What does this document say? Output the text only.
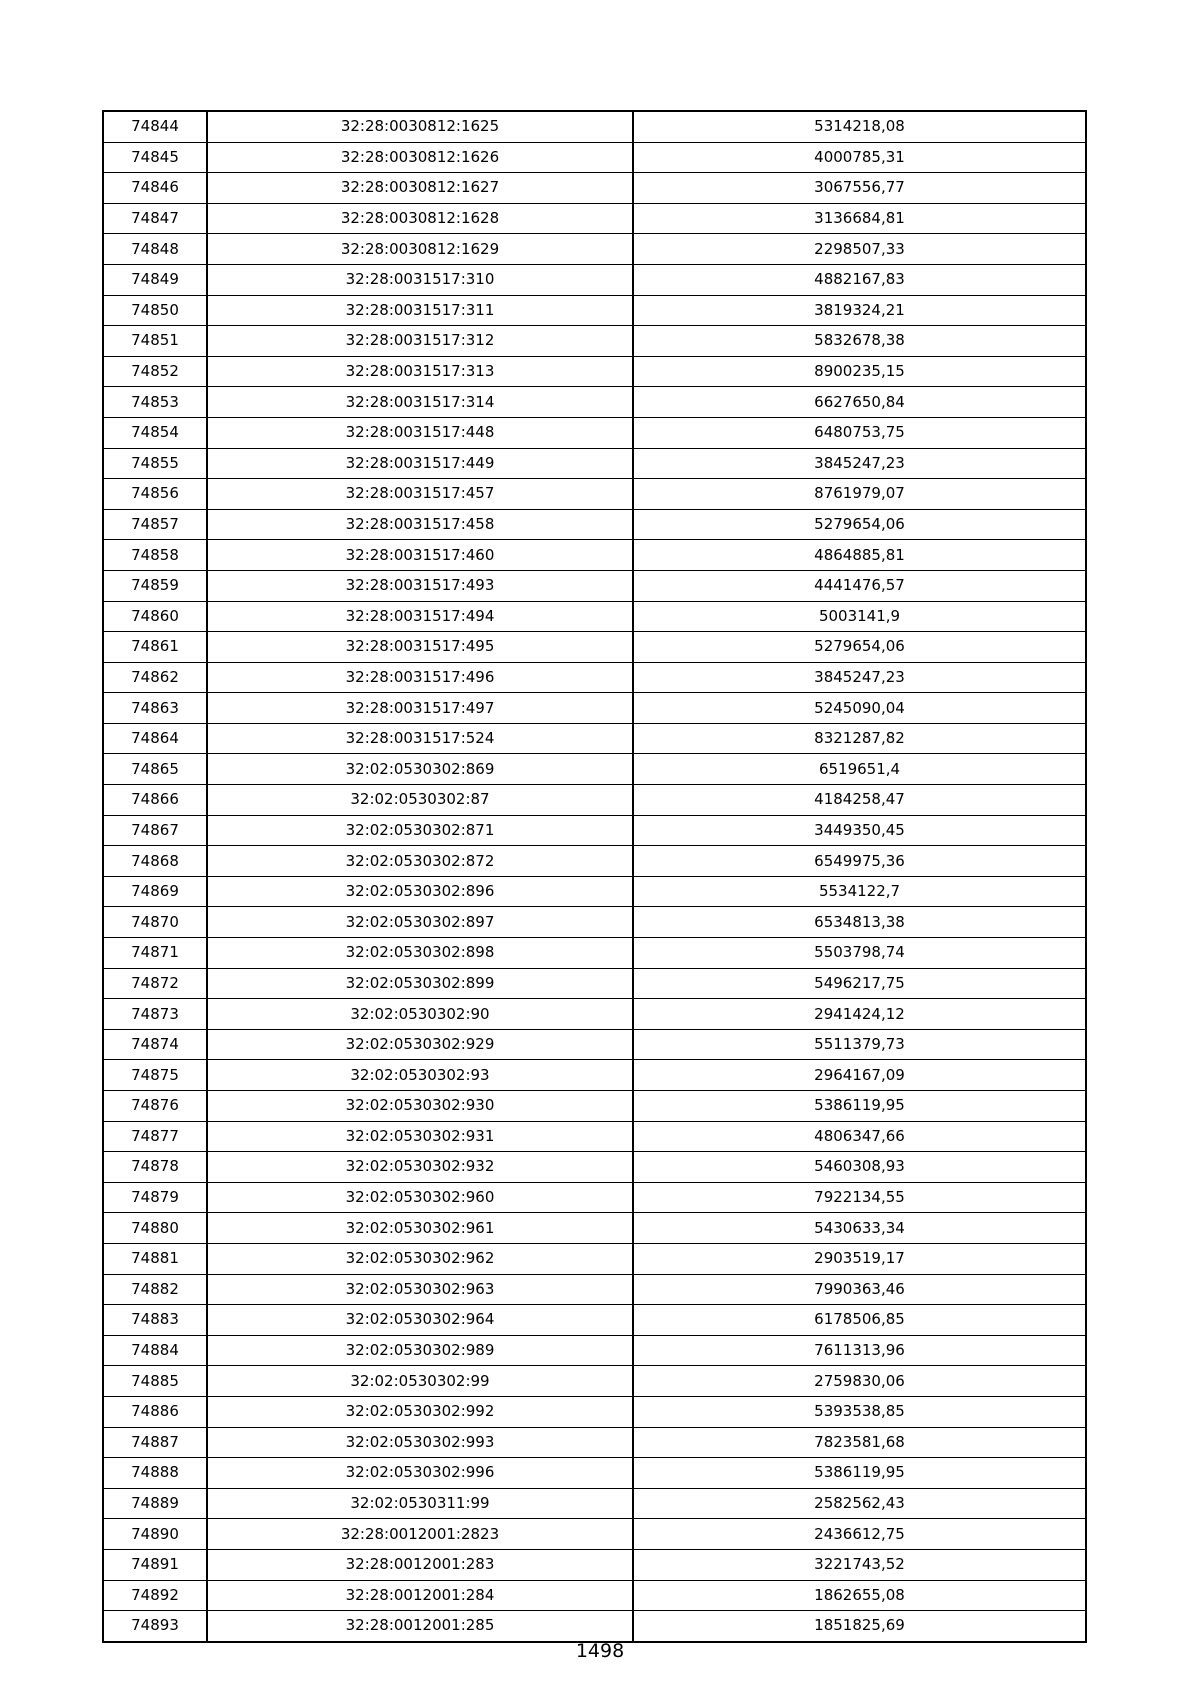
74844	32:28:0030812:1625	5314218,08
74845	32:28:0030812:1626	4000785,31
74846	32:28:0030812:1627	3067556,77
74847	32:28:0030812:1628	3136684,81
74848	32:28:0030812:1629	2298507,33
74849	32:28:0031517:310	4882167,83
74850	32:28:0031517:311	3819324,21
74851	32:28:0031517:312	5832678,38
74852	32:28:0031517:313	8900235,15
74853	32:28:0031517:314	6627650,84
74854	32:28:0031517:448	6480753,75
74855	32:28:0031517:449	3845247,23
74856	32:28:0031517:457	8761979,07
74857	32:28:0031517:458	5279654,06
74858	32:28:0031517:460	4864885,81
74859	32:28:0031517:493	4441476,57
74860	32:28:0031517:494	5003141,9
74861	32:28:0031517:495	5279654,06
74862	32:28:0031517:496	3845247,23
74863	32:28:0031517:497	5245090,04
74864	32:28:0031517:524	8321287,82
74865	32:02:0530302:869	6519651,4
74866	32:02:0530302:87	4184258,47
74867	32:02:0530302:871	3449350,45
74868	32:02:0530302:872	6549975,36
74869	32:02:0530302:896	5534122,7
74870	32:02:0530302:897	6534813,38
74871	32:02:0530302:898	5503798,74
74872	32:02:0530302:899	5496217,75
74873	32:02:0530302:90	2941424,12
74874	32:02:0530302:929	5511379,73
74875	32:02:0530302:93	2964167,09
74876	32:02:0530302:930	5386119,95
74877	32:02:0530302:931	4806347,66
74878	32:02:0530302:932	5460308,93
74879	32:02:0530302:960	7922134,55
74880	32:02:0530302:961	5430633,34
74881	32:02:0530302:962	2903519,17
74882	32:02:0530302:963	7990363,46
74883	32:02:0530302:964	6178506,85
74884	32:02:0530302:989	7611313,96
74885	32:02:0530302:99	2759830,06
74886	32:02:0530302:992	5393538,85
74887	32:02:0530302:993	7823581,68
74888	32:02:0530302:996	5386119,95
74889	32:02:0530311:99	2582562,43
74890	32:28:0012001:2823	2436612,75
74891	32:28:0012001:283	3221743,52
74892	32:28:0012001:284	1862655,08
74893	32:28:0012001:285	1851825,69
1498
